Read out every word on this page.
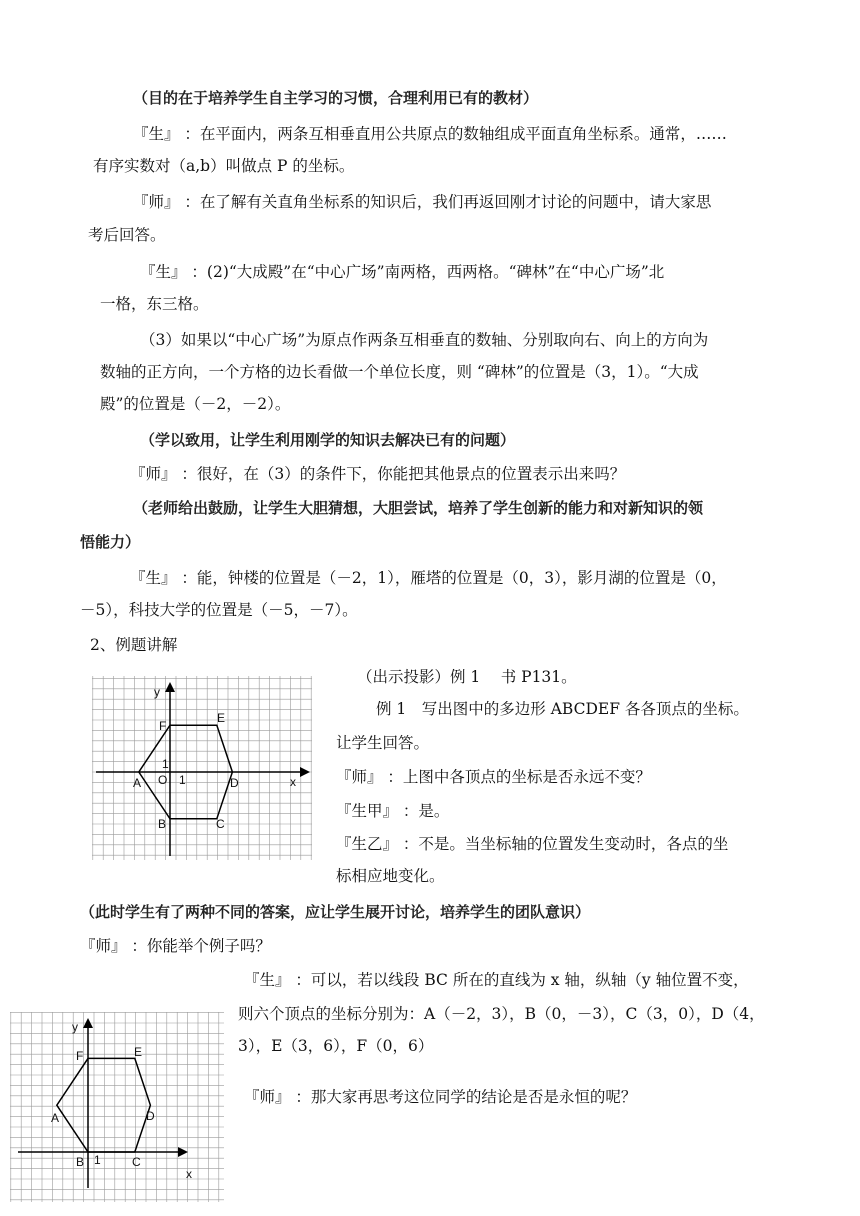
（目的在于培养学生自主学习的习惯，合理利用已有的教材）
『生』 ：在平面内，两条互相垂直用公共原点的数轴组成平面直角坐标系。通常，……
有序实数对（a,b）叫做点 P 的坐标。
『师』 ：在了解有关直角坐标系的知识后，我们再返回刚才讨论的问题中，请大家思
考后回答。
『生』 ：(2)“大成殿”在“中心广场”南两格，西两格。“碑林”在“中心广场”北
一格，东三格。
（3）如果以“中心广场”为原点作两条互相垂直的数轴、分别取向右、向上的方向为
数轴的正方向，一个方格的边长看做一个单位长度，则 “碑林”的位置是（3，1）。“大成
殿”的位置是（－2，－2）。
（学以致用，让学生利用刚学的知识去解决已有的问题）
『师』 ：很好，在（3）的条件下，你能把其他景点的位置表示出来吗？
（老师给出鼓励，让学生大胆猜想，大胆尝试，培养了学生创新的能力和对新知识的领
悟能力）
『生』 ：能，钟楼的位置是（－2，1），雁塔的位置是（0，3），影月湖的位置是（0，
－5），科技大学的位置是（－5，－7）。
2、例题讲解
（出示投影）例 1　 书 P131。
例 1　写出图中的多边形 ABCDEF 各各顶点的坐标。
让学生回答。
『师』 ：上图中各顶点的坐标是否永远不变？
『生甲』 ：是。
『生乙』 ：不是。当坐标轴的位置发生变动时，各点的坐
标相应地变化。
（此时学生有了两种不同的答案，应让学生展开讨论，培养学生的团队意识）
『师』 ：你能举个例子吗？
『生』 ：可以，若以线段 BC 所在的直线为 x 轴，纵轴（y 轴位置不变，
则六个顶点的坐标分别为：A（－2，3），B（0，－3），C（3，0），D（4，
3），E（3，6），F（0，6）
『师』 ：那大家再思考这位同学的结论是否是永恒的呢？
y
x
O 1
1
A
B	C
D
E
F
y
x
1
A
B	C
D
E
F
